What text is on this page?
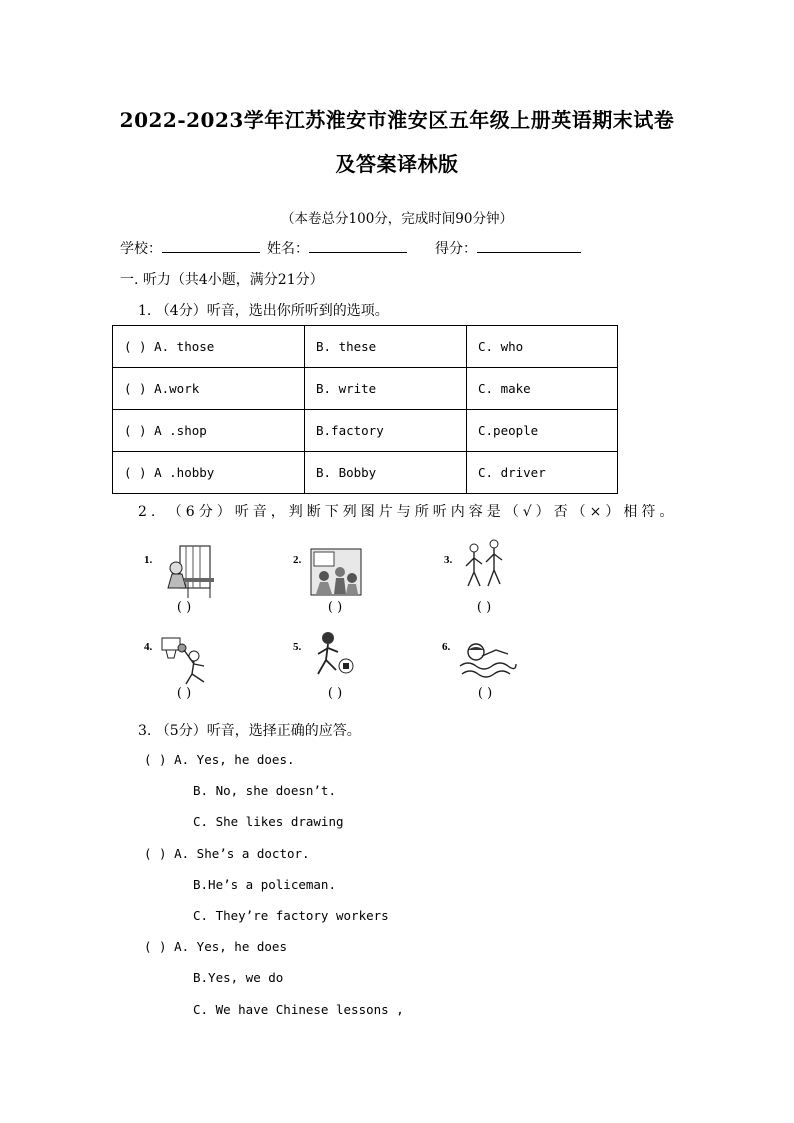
2022-2023学年江苏淮安市淮安区五年级上册英语期末试卷
及答案译林版
（本卷总分100分，完成时间90分钟）
学校：	姓名：	得分：
一. 听力（共4小题，满分21分）
1. （4分）听音，选出你所听到的选项。
( ) A. those	B. these	C. who
( ) A.work	B. write	C. make
( ) A .shop	B.factory	C.people
( ) A .hobby	B. Bobby	C. driver
2. （6分）听音，判断下列图片与所听内容是（√）否（×）相符。
1.
( )
2.
( )
3.
( )
4.
( )
5.
( )
6.
( )
3. （5分）听音，选择正确的应答。
( ) A. Yes, he does.
B. No, she doesn’t.
C. She likes drawing
( ) A. She’s a doctor.
B.He’s a policeman.
C. They’re factory workers
( ) A. Yes, he does
B.Yes, we do
C. We have Chinese lessons ,
